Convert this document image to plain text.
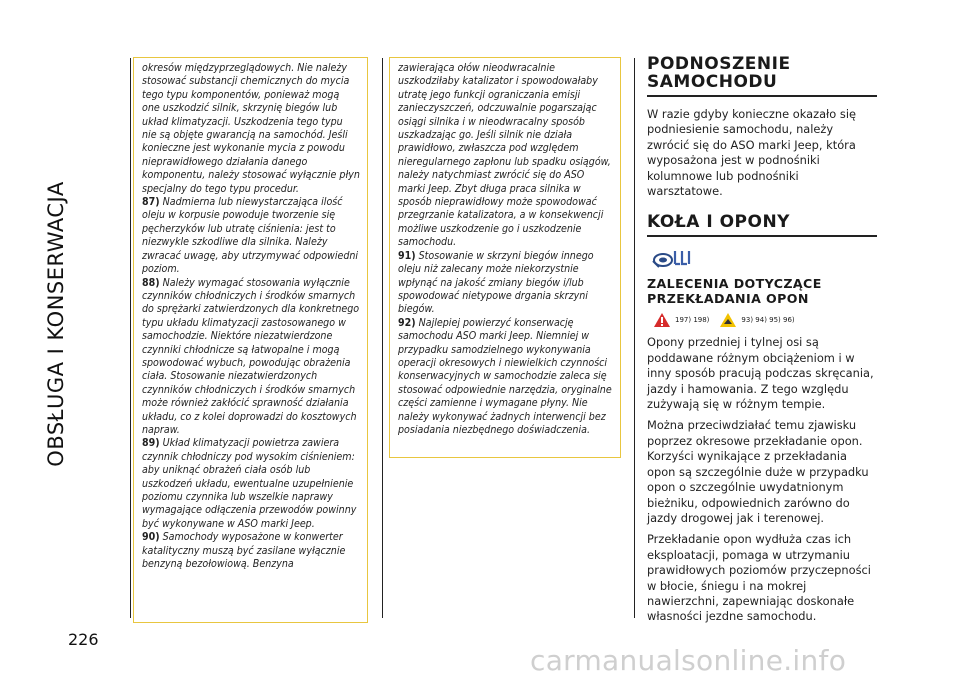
OBSŁUGA I KONSERWACJA
226

okresów międzyprzeglądowych. Nie należy stosować substancji chemicznych do mycia tego typu komponentów, ponieważ mogą one uszkodzić silnik, skrzynię biegów lub układ klimatyzacji. Uszkodzenia tego typu nie są objęte gwarancją na samochód. Jeśli konieczne jest wykonanie mycia z powodu nieprawidłowego działania danego komponentu, należy stosować wyłącznie płyn specjalny do tego typu procedur.

87) Nadmierna lub niewystarczająca ilość oleju w korpusie powoduje tworzenie się pęcherzyków lub utratę ciśnienia: jest to niezwykle szkodliwe dla silnika. Należy zwracać uwagę, aby utrzymywać odpowiedni poziom.

88) Należy wymagać stosowania wyłącznie czynników chłodniczych i środków smarnych do sprężarki zatwierdzonych dla konkretnego typu układu klimatyzacji zastosowanego w samochodzie. Niektóre niezatwierdzone czynniki chłodnicze są łatwopalne i mogą spowodować wybuch, powodując obrażenia ciała. Stosowanie niezatwierdzonych czynników chłodniczych i środków smarnych może również zakłócić sprawność działania układu, co z kolei doprowadzi do kosztowych napraw.

89) Układ klimatyzacji powietrza zawiera czynnik chłodniczy pod wysokim ciśnieniem: aby uniknąć obrażeń ciała osób lub uszkodzeń układu, ewentualne uzupełnienie poziomu czynnika lub wszelkie naprawy wymagające odłączenia przewodów powinny być wykonywane w ASO marki Jeep.

90) Samochody wyposażone w konwerter katalityczny muszą być zasilane wyłącznie benzyną bezołowiową. Benzyna

zawierająca ołów nieodwracalnie uszkodziłaby katalizator i spowodowałaby utratę jego funkcji ograniczania emisji zanieczyszczeń, odczuwalnie pogarszając osiągi silnika i w nieodwracalny sposób uszkadzając go. Jeśli silnik nie działa prawidłowo, zwłaszcza pod względem nieregularnego zapłonu lub spadku osiągów, należy natychmiast zwrócić się do ASO marki Jeep. Zbyt długa praca silnika w sposób nieprawidłowy może spowodować przegrzanie katalizatora, a w konsekwencji możliwe uszkodzenie go i uszkodzenie samochodu.

91) Stosowanie w skrzyni biegów innego oleju niż zalecany może niekorzystnie wpłynąć na jakość zmiany biegów i/lub spowodować nietypowe drgania skrzyni biegów.

92) Najlepiej powierzyć konserwację samochodu ASO marki Jeep. Niemniej w przypadku samodzielnego wykonywania operacji okresowych i niewielkich czynności konserwacyjnych w samochodzie zaleca się stosować odpowiednie narzędzia, oryginalne części zamienne i wymagane płyny. Nie należy wykonywać żadnych interwencji bez posiadania niezbędnego doświadczenia.

PODNOSZENIE SAMOCHODU

W razie gdyby konieczne okazało się podniesienie samochodu, należy zwrócić się do ASO marki Jeep, która wyposażona jest w podnośniki kolumnowe lub podnośniki warsztatowe.

KOŁA I OPONY

ZALECENIA DOTYCZĄCE PRZEKŁADANIA OPON

197) 198)	93) 94) 95) 96)

Opony przedniej i tylnej osi są poddawane różnym obciążeniom i w inny sposób pracują podczas skręcania, jazdy i hamowania. Z tego względu zużywają się w różnym tempie.

Można przeciwdziałać temu zjawisku poprzez okresowe przekładanie opon. Korzyści wynikające z przekładania opon są szczególnie duże w przypadku opon o szczególnie uwydatnionym bieżniku, odpowiednich zarówno do jazdy drogowej jak i terenowej.

Przekładanie opon wydłuża czas ich eksploatacji, pomaga w utrzymaniu prawidłowych poziomów przyczepności w błocie, śniegu i na mokrej nawierzchni, zapewniając doskonałe własności jezdne samochodu.

carmanualsonline.info
